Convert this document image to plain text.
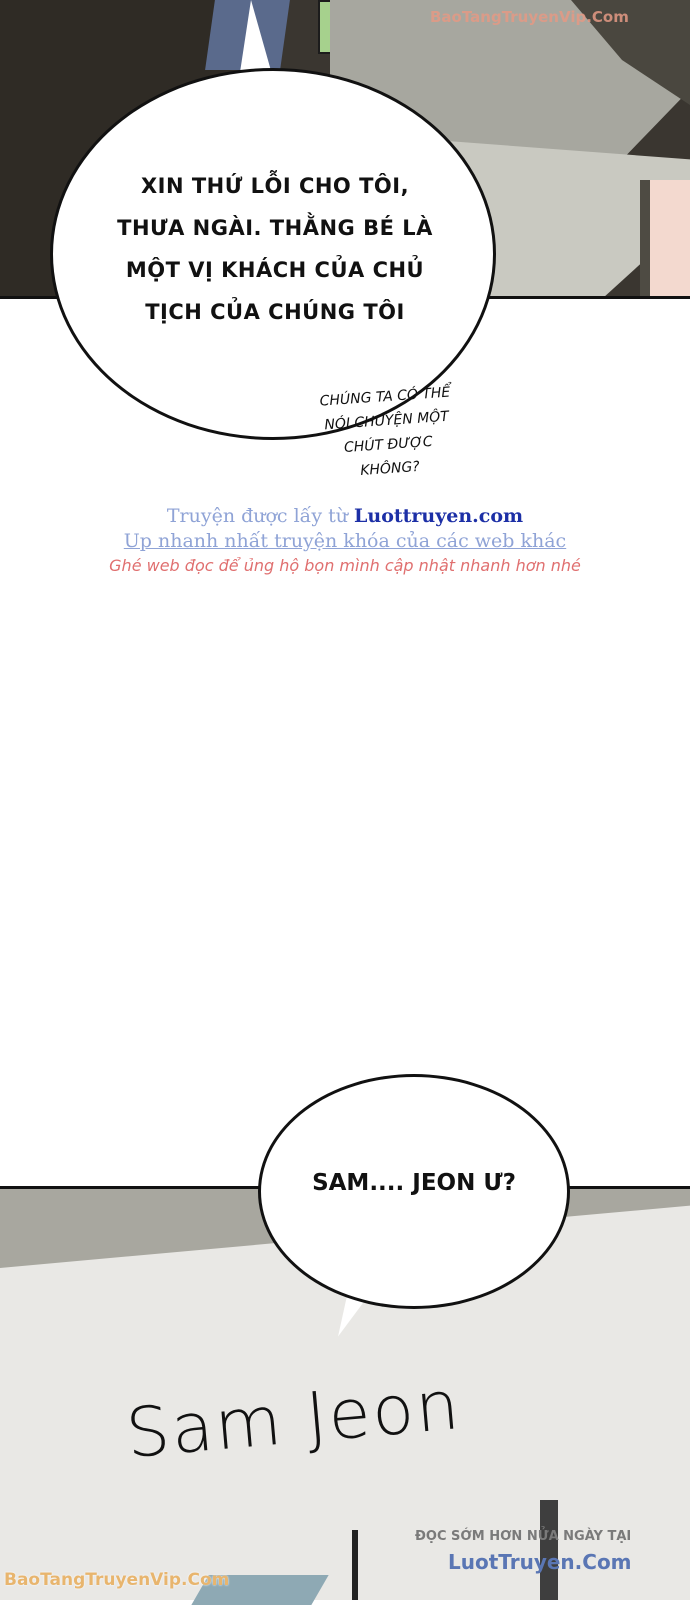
BaoTangTruyenVip.Com
XIN THỨ LỖI CHO TÔI,
THƯA NGÀI. THẰNG BÉ LÀ
MỘT VỊ KHÁCH CỦA CHỦ
TỊCH CỦA CHÚNG TÔI
CHÚNG TA CÓ THỂ
NÓI CHUYỆN MỘT
CHÚT ĐƯỢC
KHÔNG?
Truyện được lấy từ Luottruyen.com
Up nhanh nhất truyện khóa của các web khác
Ghé web đọc để ủng hộ bọn mình cập nhật nhanh hơn nhé
Sam Jeon
SAM.... JEON Ư?
ĐỌC SỚM HƠN NỬA NGÀY TẠI
LuotTruyen.Com
BaoTangTruyenVip.Com
